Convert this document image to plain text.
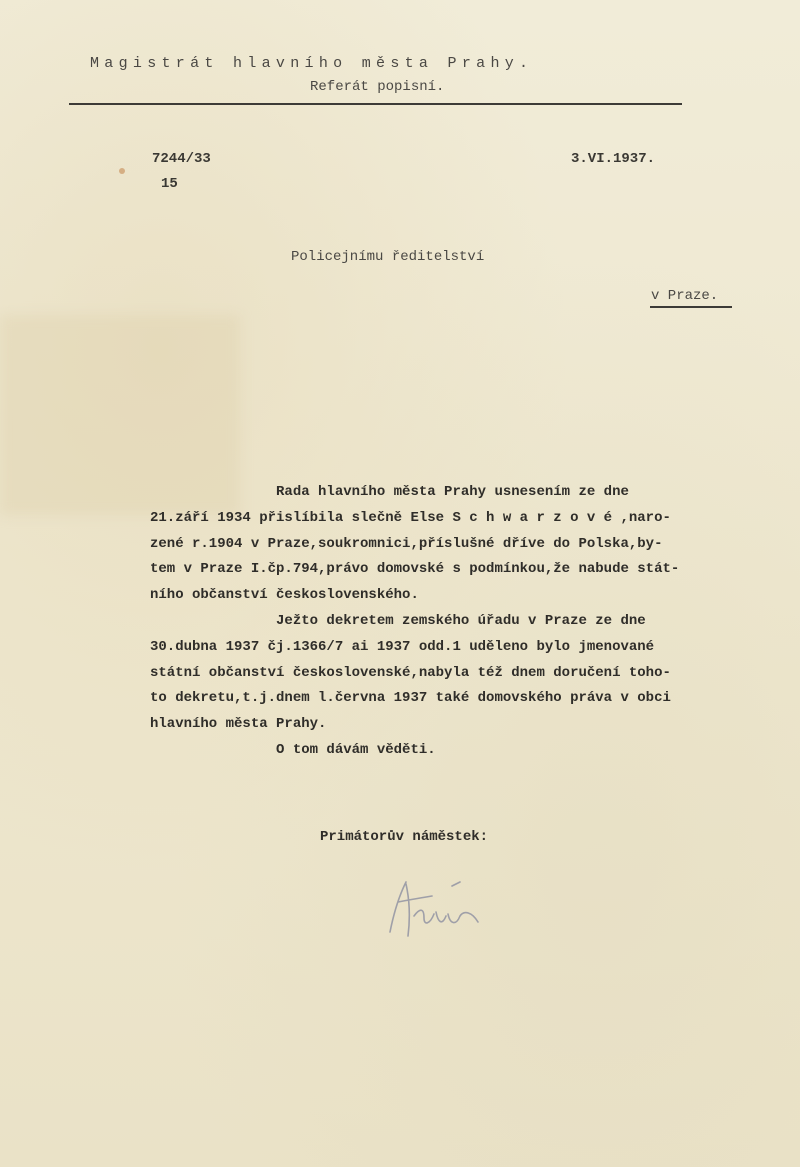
Magistrát hlavního města Prahy.
Referát popisní.
7244/33
15
3.VI.1937.
Policejnímu ředitelství
v Praze.
Rada hlavního města Prahy usnesením ze dne
21.září 1934 přislíbila slečně Else S c h w a r z o v é ,naro-
zené r.1904 v Praze,soukromnici,příslušné dříve do Polska,by-
tem v Praze I.čp.794,právo domovské s podmínkou,že nabude stát-
ního občanství československého.
Ježto dekretem zemského úřadu v Praze ze dne
30.dubna 1937 čj.1366/7 ai 1937 odd.1 uděleno bylo jmenované
státní občanství československé,nabyla též dnem doručení toho-
to dekretu,t.j.dnem l.června 1937 také domovského práva v obci
hlavního města Prahy.
O tom dávám věděti.
Primátorův náměstek:
